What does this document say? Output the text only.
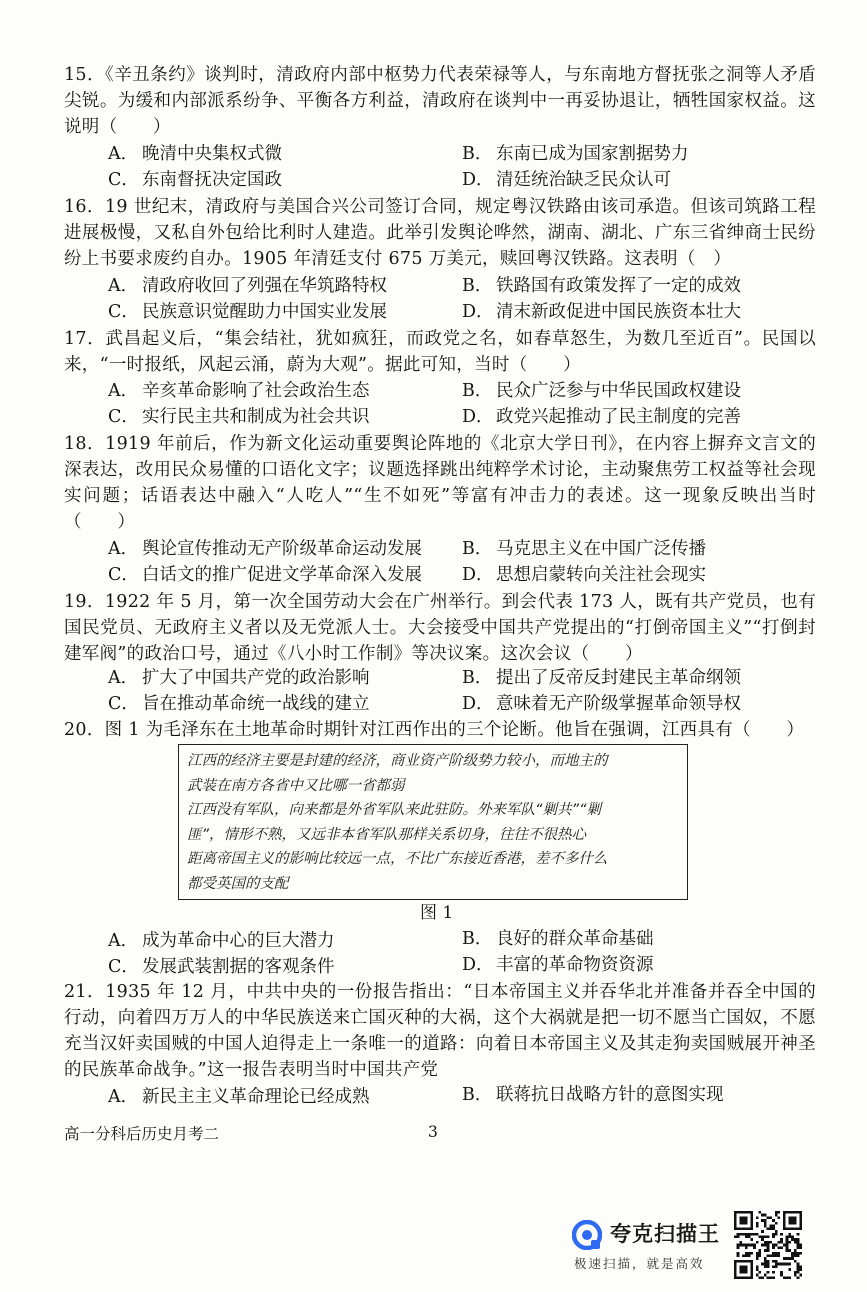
15．《辛丑条约》谈判时，清政府内部中枢势力代表荣禄等人，与东南地方督抚张之洞等人矛盾尖锐。为缓和内部派系纷争、平衡各方利益，清政府在谈判中一再妥协退让，牺牲国家权益。这说明（　　）
A． 晚清中央集权式微	B． 东南已成为国家割据势力
C． 东南督抚决定国政	D． 清廷统治缺乏民众认可
16．19 世纪末，清政府与美国合兴公司签订合同，规定粤汉铁路由该司承造。但该司筑路工程进展极慢，又私自外包给比利时人建造。此举引发舆论哗然，湖南、湖北、广东三省绅商士民纷纷上书要求废约自办。1905 年清廷支付 675 万美元，赎回粤汉铁路。这表明（　）
A． 清政府收回了列强在华筑路特权	B． 铁路国有政策发挥了一定的成效
C． 民族意识觉醒助力中国实业发展	D． 清末新政促进中国民族资本壮大
17．武昌起义后，“集会结社，犹如疯狂，而政党之名，如春草怒生，为数几至近百”。民国以来，“一时报纸，风起云涌，蔚为大观”。据此可知，当时（　　）
A． 辛亥革命影响了社会政治生态	B． 民众广泛参与中华民国政权建设
C． 实行民主共和制成为社会共识	D． 政党兴起推动了民主制度的完善
18．1919 年前后，作为新文化运动重要舆论阵地的《北京大学日刊》，在内容上摒弃文言文的深表达，改用民众易懂的口语化文字；议题选择跳出纯粹学术讨论，主动聚焦劳工权益等社会现实问题；话语表达中融入“人吃人”“生不如死”等富有冲击力的表述。这一现象反映出当时（　　）
A． 舆论宣传推动无产阶级革命运动发展 B． 马克思主义在中国广泛传播
C． 白话文的推广促进文学革命深入发展 D． 思想启蒙转向关注社会现实
19．1922 年 5 月，第一次全国劳动大会在广州举行。到会代表 173 人，既有共产党员，也有国民党员、无政府主义者以及无党派人士。大会接受中国共产党提出的“打倒帝国主义”“打倒封建军阀”的政治口号，通过《八小时工作制》等决议案。这次会议（　　）
A． 扩大了中国共产党的政治影响	B． 提出了反帝反封建民主革命纲领
C． 旨在推动革命统一战线的建立	D． 意味着无产阶级掌握革命领导权
20．图 1 为毛泽东在土地革命时期针对江西作出的三个论断。他旨在强调，江西具有（　　）
江西的经济主要是封建的经济，商业资产阶级势力较小，而地主的
武装在南方各省中又比哪一省都弱
江西没有军队，向来都是外省军队来此驻防。外来军队“剿共”“剿
匪”，情形不熟，又远非本省军队那样关系切身，往往不很热心
距离帝国主义的影响比较远一点，不比广东接近香港，差不多什么
都受英国的支配
图 1
A． 成为革命中心的巨大潜力	B． 良好的群众革命基础
C． 发展武装割据的客观条件	D． 丰富的革命物资资源
21．1935 年 12 月，中共中央的一份报告指出：“日本帝国主义并吞华北并准备并吞全中国的行动，向着四万万人的中华民族送来亡国灭种的大祸，这个大祸就是把一切不愿当亡国奴，不愿充当汉奸卖国贼的中国人迫得走上一条唯一的道路：向着日本帝国主义及其走狗卖国贼展开神圣的民族革命战争。”这一报告表明当时中国共产党
A． 新民主主义革命理论已经成熟	B． 联蒋抗日战略方针的意图实现
高一分科后历史月考二	3
夸克扫描王
极速扫描，就是高效
